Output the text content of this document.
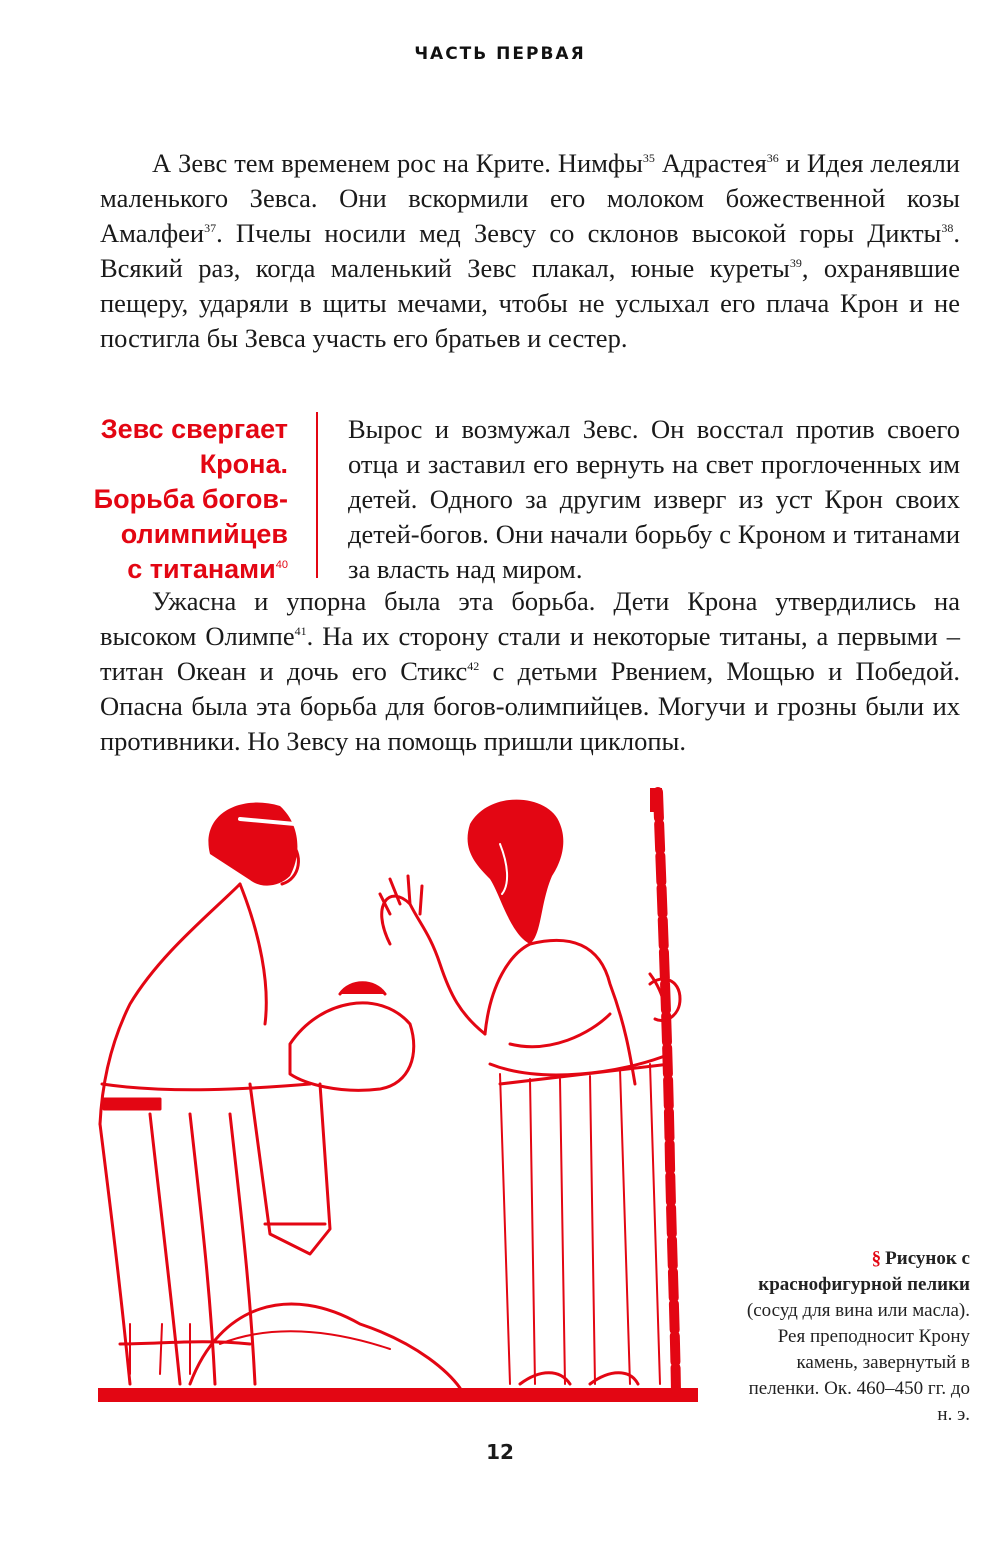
ЧАСТЬ ПЕРВАЯ

А Зевс тем временем рос на Крите. Нимфы$^{35}$ Адрастея$^{36}$ и Идея лелеяли маленького Зевса. Они вскормили его молоком божественной козы Амалфеи$^{37}$. Пчелы носили мед Зевсу со склонов высокой горы Дикты$^{38}$. Всякий раз, когда маленький Зевс плакал, юные куреты$^{39}$, охранявшие пещеру, ударяли в щиты мечами, чтобы не услыхал его плача Крон и не постигла бы Зевса участь его братьев и сестер.

Зевс свергает
Крона.
Борьба богов-
олимпийцев
с титанами$^{40}$

Вырос и возмужал Зевс. Он восстал против своего отца и заставил его вернуть на свет проглоченных им детей. Одного за другим изверг из уст Крон своих детей-богов. Они начали борьбу с Кроном и титанами за власть над миром.

Ужасна и упорна была эта борьба. Дети Крона утвердились на высоком Олимпе$^{41}$. На их сторону стали и некоторые титаны, а первыми – титан Океан и дочь его Стикс$^{42}$ с детьми Рвением, Мощью и Победой. Опасна была эта борьба для богов-олимпийцев. Могучи и грозны были их противники. Но Зевсу на помощь пришли циклопы.

§ Рисунок с краснофигурной пелики
(сосуд для вина или масла). Рея преподносит Крону камень, завернутый в пеленки. Ок. 460–450 гг. до н. э.
12
